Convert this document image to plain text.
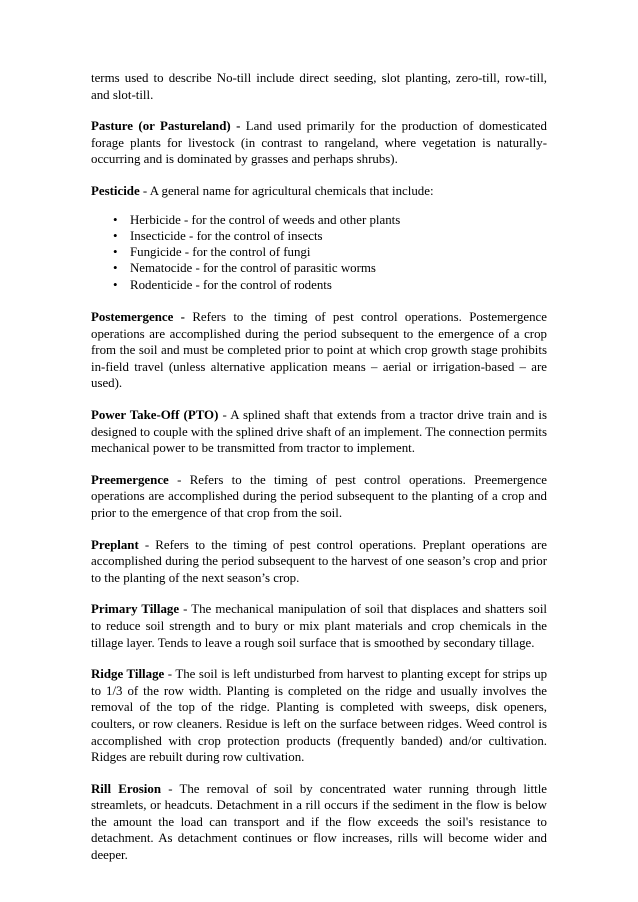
terms used to describe No-till include direct seeding, slot planting, zero-till, row-till, and slot-till.

Pasture (or Pastureland) - Land used primarily for the production of domesticated forage plants for livestock (in contrast to rangeland, where vegetation is naturally-occurring and is dominated by grasses and perhaps shrubs).

Pesticide - A general name for agricultural chemicals that include:

• Herbicide - for the control of weeds and other plants
• Insecticide - for the control of insects
• Fungicide - for the control of fungi
• Nematocide - for the control of parasitic worms
• Rodenticide - for the control of rodents

Postemergence - Refers to the timing of pest control operations. Postemergence operations are accomplished during the period subsequent to the emergence of a crop from the soil and must be completed prior to point at which crop growth stage prohibits in-field travel (unless alternative application means – aerial or irrigation-based – are used).

Power Take-Off (PTO) - A splined shaft that extends from a tractor drive train and is designed to couple with the splined drive shaft of an implement. The connection permits mechanical power to be transmitted from tractor to implement.

Preemergence - Refers to the timing of pest control operations. Preemergence operations are accomplished during the period subsequent to the planting of a crop and prior to the emergence of that crop from the soil.

Preplant - Refers to the timing of pest control operations. Preplant operations are accomplished during the period subsequent to the harvest of one season’s crop and prior to the planting of the next season’s crop.

Primary Tillage - The mechanical manipulation of soil that displaces and shatters soil to reduce soil strength and to bury or mix plant materials and crop chemicals in the tillage layer. Tends to leave a rough soil surface that is smoothed by secondary tillage.

Ridge Tillage - The soil is left undisturbed from harvest to planting except for strips up to 1/3 of the row width. Planting is completed on the ridge and usually involves the removal of the top of the ridge. Planting is completed with sweeps, disk openers, coulters, or row cleaners. Residue is left on the surface between ridges. Weed control is accomplished with crop protection products (frequently banded) and/or cultivation. Ridges are rebuilt during row cultivation.

Rill Erosion - The removal of soil by concentrated water running through little streamlets, or headcuts. Detachment in a rill occurs if the sediment in the flow is below the amount the load can transport and if the flow exceeds the soil's resistance to detachment. As detachment continues or flow increases, rills will become wider and deeper.
